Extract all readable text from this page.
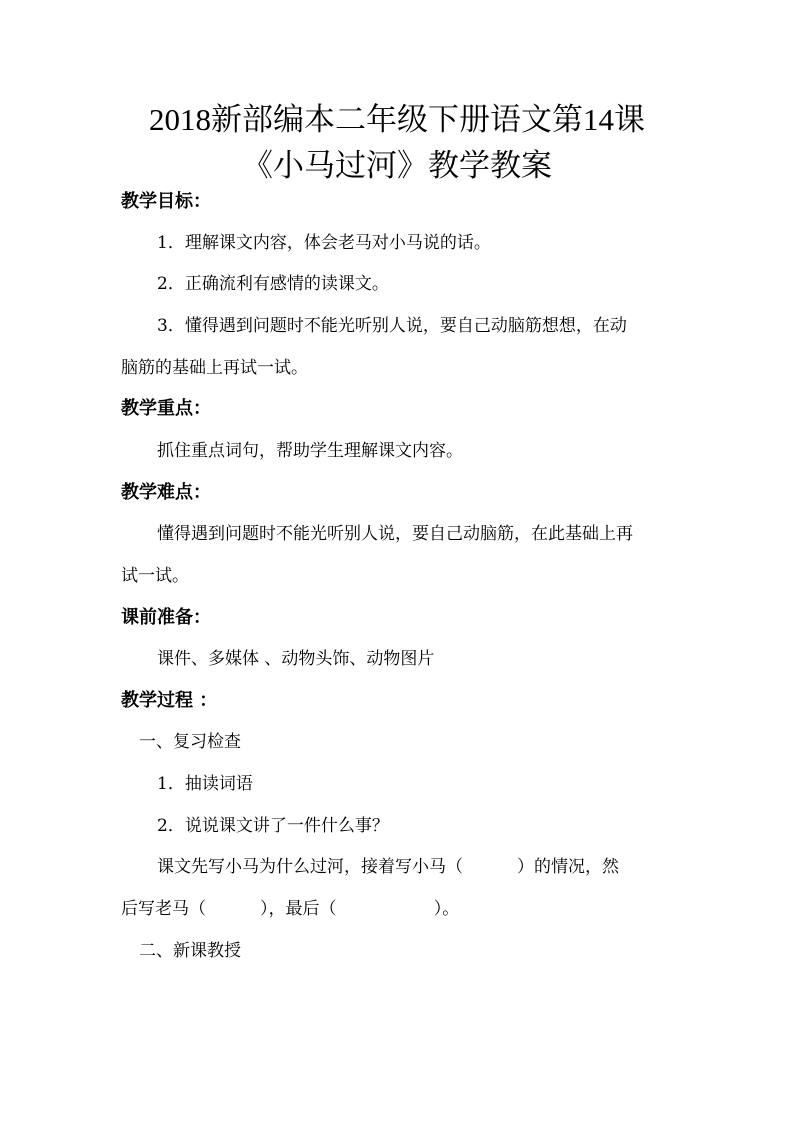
2018新部编本二年级下册语文第14课
《小马过河》教学教案
教学目标：
1．理解课文内容，体会老马对小马说的话。
2．正确流利有感情的读课文。
3．懂得遇到问题时不能光听别人说，要自己动脑筋想想，在动
脑筋的基础上再试一试。
教学重点：
抓住重点词句，帮助学生理解课文内容。
教学难点：
懂得遇到问题时不能光听别人说，要自己动脑筋，在此基础上再
试一试。
课前准备：
课件、多媒体 、动物头饰、动物图片
教学过程 ：
一、复习检查
1．抽读词语
2．说说课文讲了一件什么事？
课文先写小马为什么过河，接着写小马（          ）的情况，然
后写老马（          ），最后（                  ）。
二、新课教授
